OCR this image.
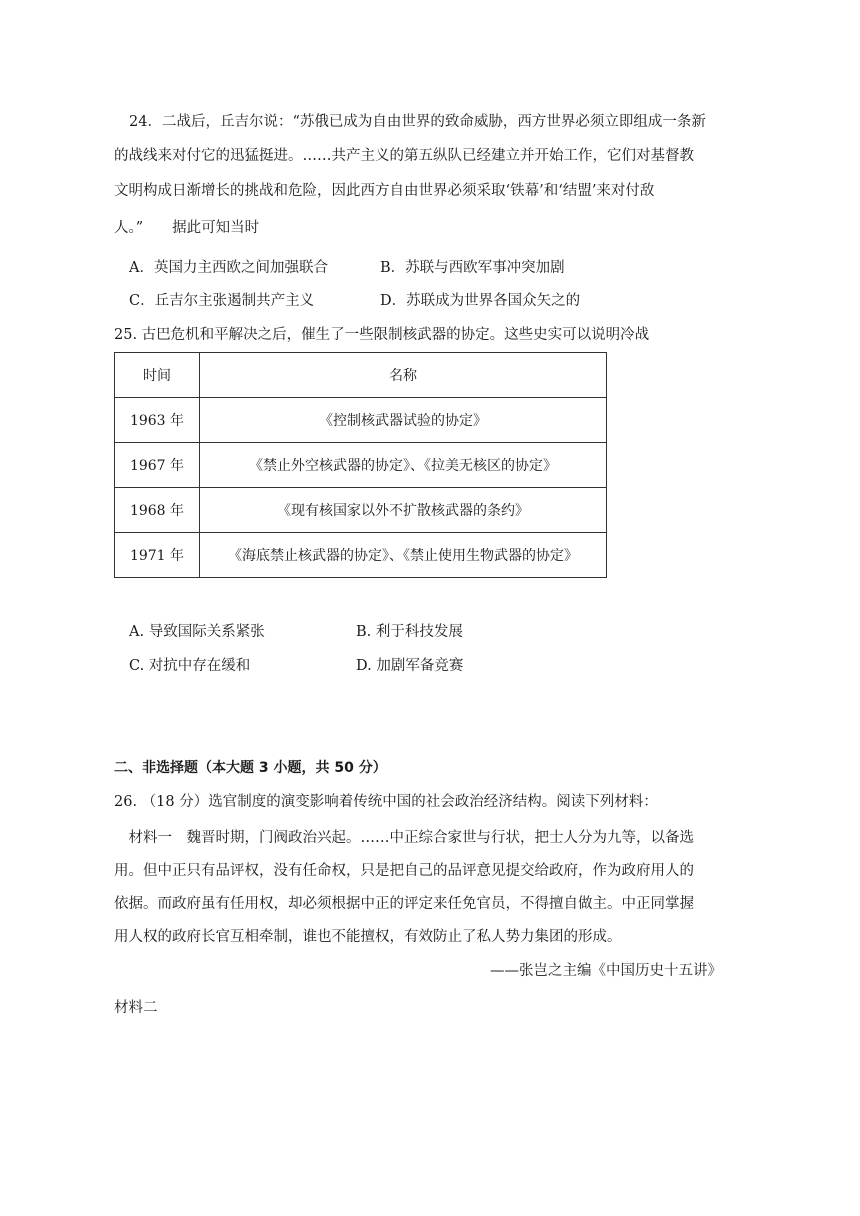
24．二战后，丘吉尔说：“苏俄已成为自由世界的致命威胁，西方世界必须立即组成一条新
的战线来对付它的迅猛挺进。……共产主义的第五纵队已经建立并开始工作，它们对基督教
文明构成日渐增长的挑战和危险，因此西方自由世界必须采取‘铁幕’和‘结盟’来对付敌
人。”　　据此可知当时
A．英国力主西欧之间加强联合	B．苏联与西欧军事冲突加剧
C．丘吉尔主张遏制共产主义	D．苏联成为世界各国众矢之的
25. 古巴危机和平解决之后，催生了一些限制核武器的协定。这些史实可以说明冷战
时间	名称
1963 年	《控制核武器试验的协定》
1967 年	《禁止外空核武器的协定》、《拉美无核区的协定》
1968 年	《现有核国家以外不扩散核武器的条约》
1971 年	《海底禁止核武器的协定》、《禁止使用生物武器的协定》
A. 导致国际关系紧张	B. 利于科技发展
C. 对抗中存在缓和	D. 加剧军备竞赛
二、非选择题（本大题 3 小题，共 50 分）
26. （18 分）选官制度的演变影响着传统中国的社会政治经济结构。阅读下列材料：
　材料一　魏晋时期，门阀政治兴起。……中正综合家世与行状，把士人分为九等，以备选
用。但中正只有品评权，没有任命权，只是把自己的品评意见提交给政府，作为政府用人的
依据。而政府虽有任用权，却必须根据中正的评定来任免官员，不得擅自做主。中正同掌握
用人权的政府长官互相牵制，谁也不能擅权，有效防止了私人势力集团的形成。
——张岂之主编《中国历史十五讲》
材料二
